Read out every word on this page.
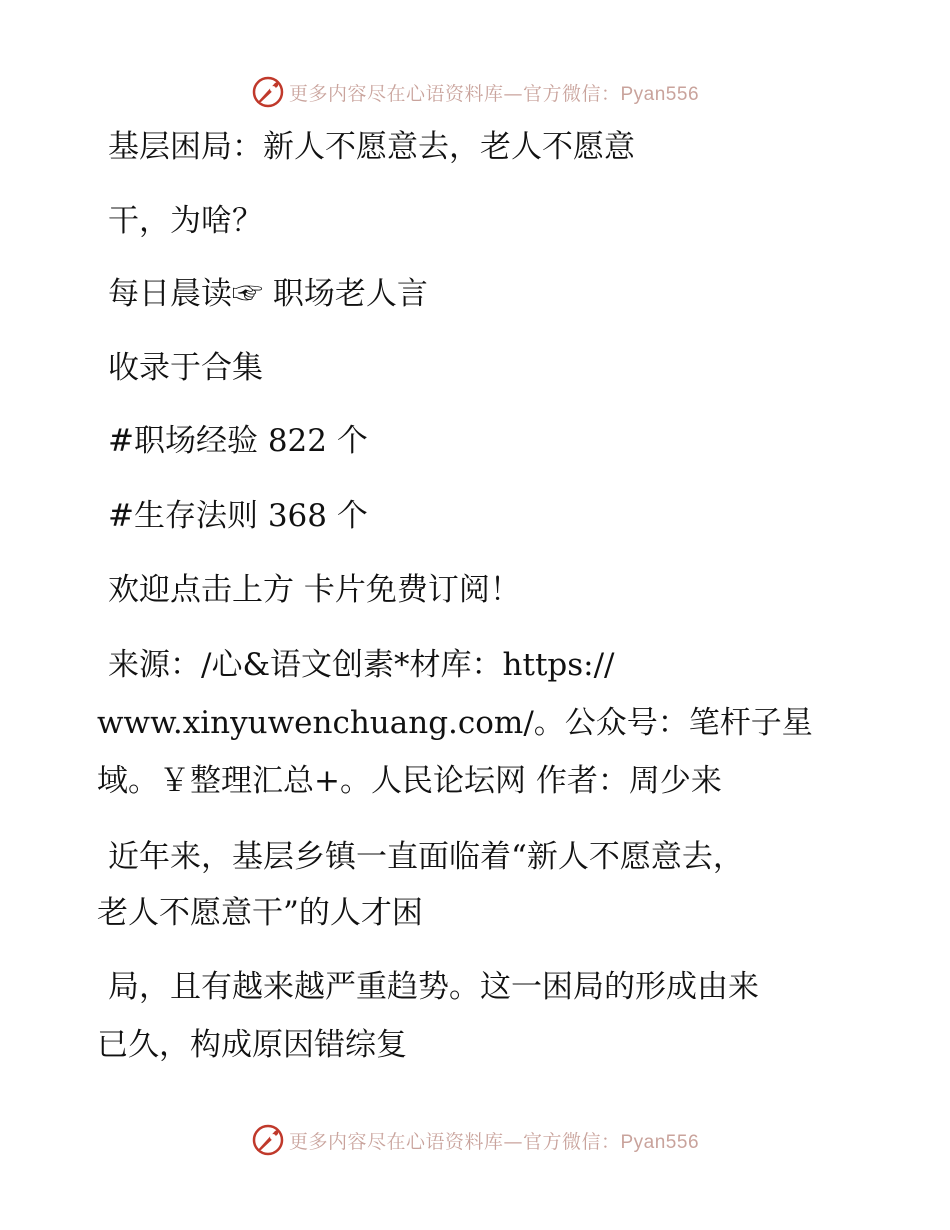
更多内容尽在心语资料库—官方微信：Pyan556
基层困局：新人不愿意去，老人不愿意
干，为啥？
每日晨读☞ 职场老人言
收录于合集
#职场经验 822 个
#生存法则 368 个
欢迎点击上方 卡片免费订阅！
来源：/心&语文创素*材库：https://
www.xinyuwenchuang.com/。公众号：笔杆子星
域。￥整理汇总+。人民论坛网 作者：周少来
近年来，基层乡镇一直面临着“新人不愿意去，
老人不愿意干”的人才困
局，且有越来越严重趋势。这一困局的形成由来
已久，构成原因错综复
更多内容尽在心语资料库—官方微信：Pyan556
